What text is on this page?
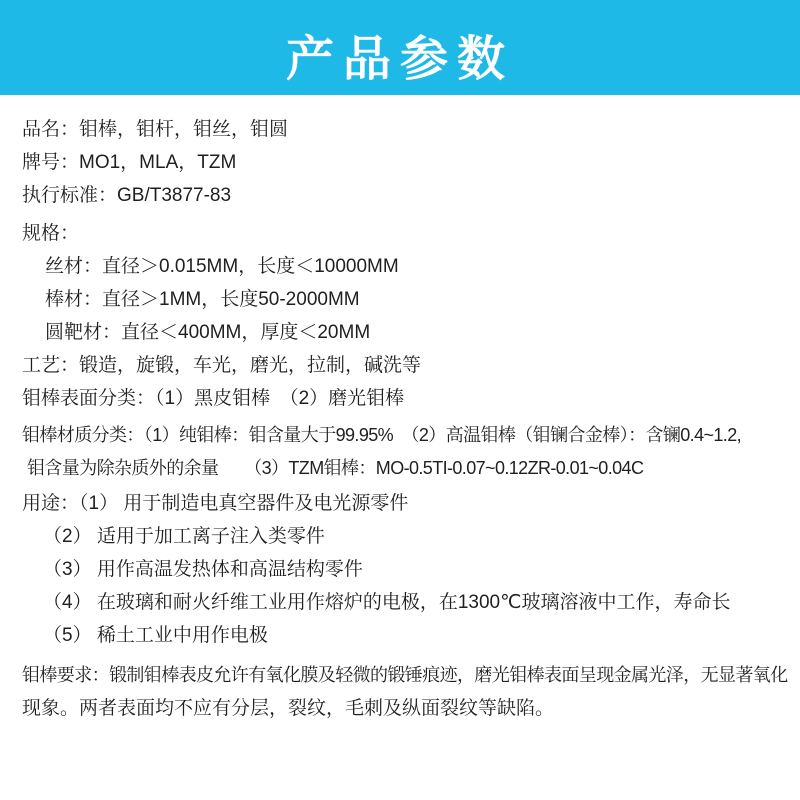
产品参数
品名：钼棒，钼杆，钼丝，钼圆
牌号：MO1，MLA，TZM
执行标准：GB/T3877-83
规格：
丝材：直径＞0.015MM，长度＜10000MM
棒材：直径＞1MM，长度50-2000MM
圆靶材：直径＜400MM，厚度＜20MM
工艺：锻造，旋锻，车光，磨光，拉制，碱洗等
钼棒表面分类：（1）黑皮钼棒　（2）磨光钼棒
钼棒材质分类：（1）纯钼棒：钼含量大于99.95%　（2）高温钼棒（钼镧合金棒）：含镧0.4~1.2,
钼含量为除杂质外的余量　　（3）TZM钼棒：MO-0.5TI-0.07~0.12ZR-0.01~0.04C
用途：（1） 用于制造电真空器件及电光源零件
（2） 适用于加工离子注入类零件
（3） 用作高温发热体和高温结构零件
（4） 在玻璃和耐火纤维工业用作熔炉的电极，在1300℃玻璃溶液中工作，寿命长
（5） 稀土工业中用作电极
钼棒要求：锻制钼棒表皮允许有氧化膜及轻微的锻锤痕迹，磨光钼棒表面呈现金属光泽，无显著氧化
现象。两者表面均不应有分层，裂纹，毛刺及纵面裂纹等缺陷。
